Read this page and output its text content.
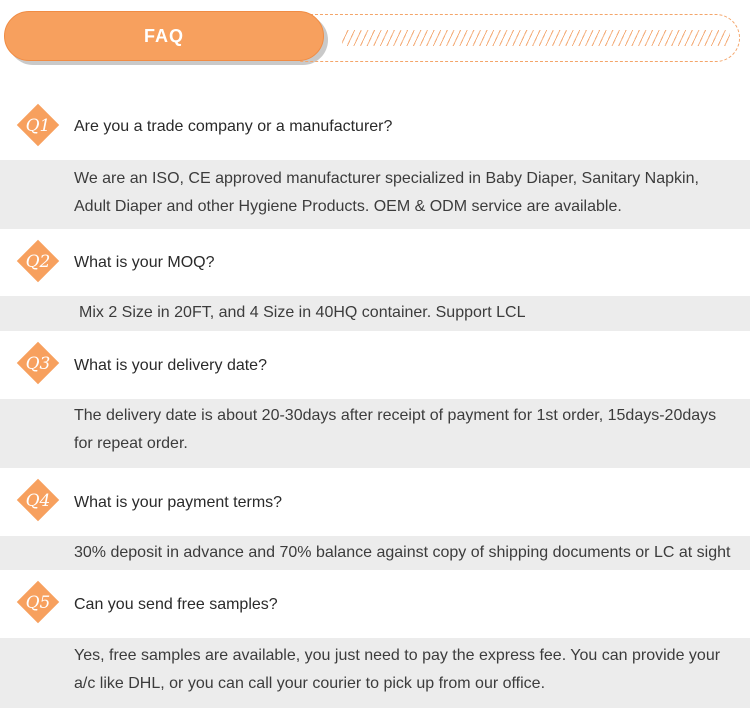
FAQ
Q1 Are you a trade company or a manufacturer?
We are an ISO, CE approved manufacturer specialized in Baby Diaper, Sanitary Napkin,
Adult Diaper and other Hygiene Products. OEM & ODM service are available.
Q2 What is your MOQ?
Mix 2 Size in 20FT, and 4 Size in 40HQ container. Support LCL
Q3 What is your delivery date?
The delivery date is about 20-30days after receipt of payment for 1st order, 15days-20days
for repeat order.
Q4 What is your payment terms?
30% deposit in advance and 70% balance against copy of shipping documents or LC at sight
Q5 Can you send free samples?
Yes, free samples are available, you just need to pay the express fee. You can provide your
a/c like DHL, or you can call your courier to pick up from our office.
